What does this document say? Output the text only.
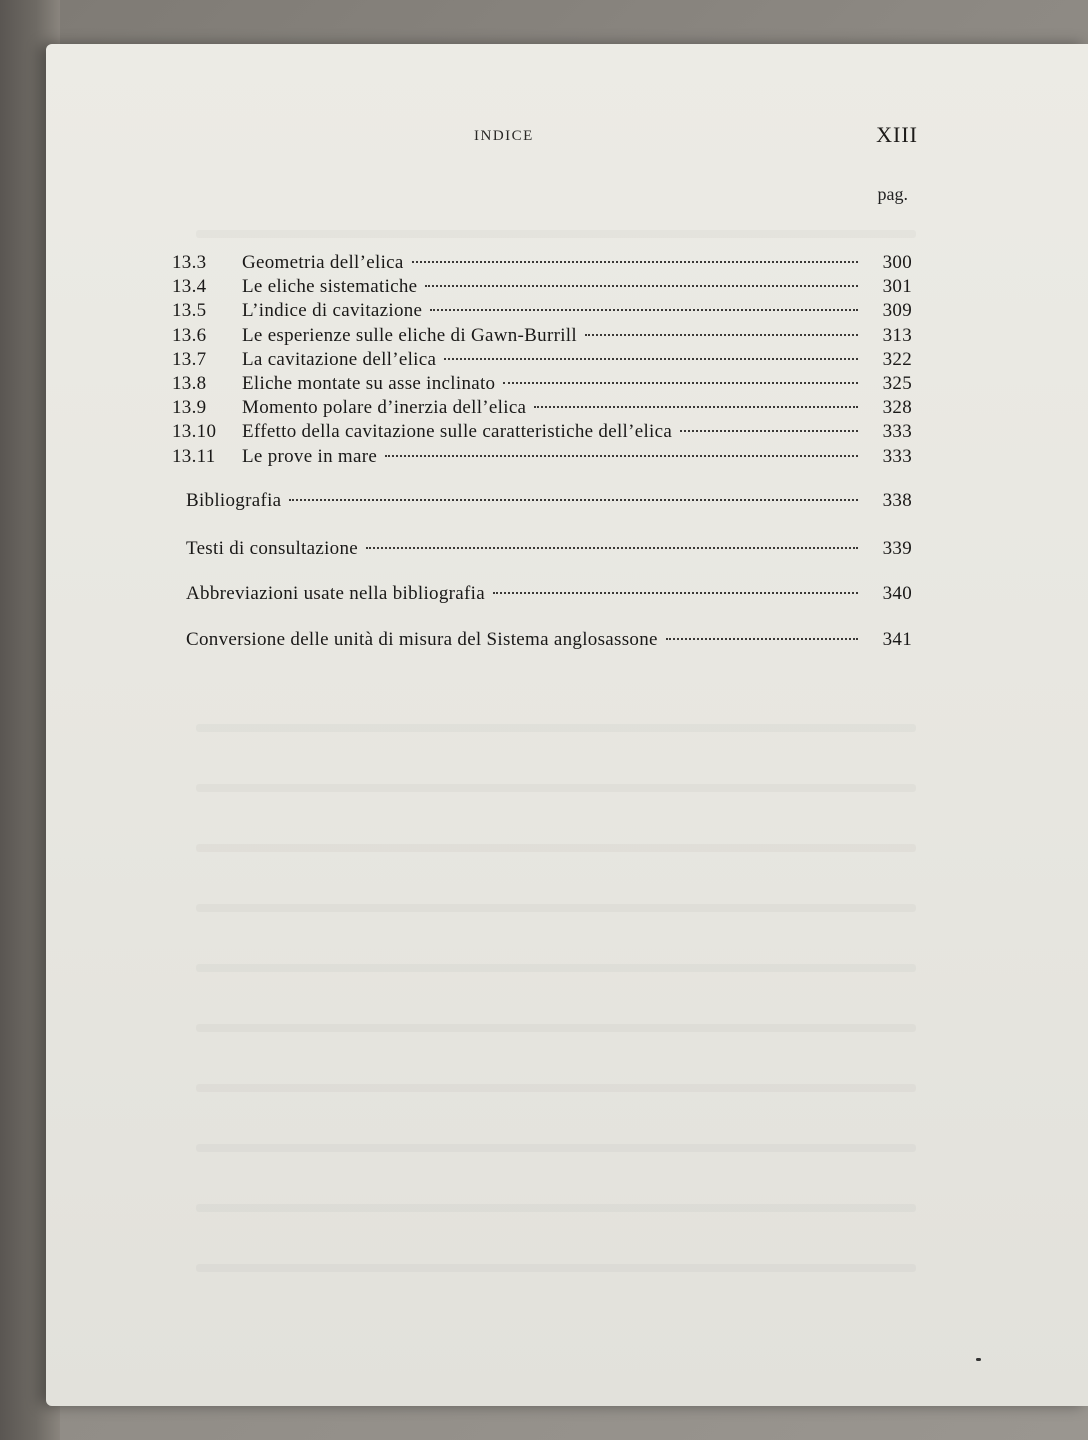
INDICE	XIII
pag.
13.3	Geometria dell’elica	300
13.4	Le eliche sistematiche	301
13.5	L’indice di cavitazione	309
13.6	Le esperienze sulle eliche di Gawn-Burrill	313
13.7	La cavitazione dell’elica	322
13.8	Eliche montate su asse inclinato	325
13.9	Momento polare d’inerzia dell’elica	328
13.10	Effetto della cavitazione sulle caratteristiche dell’elica	333
13.11	Le prove in mare	333
Bibliografia	338
Testi di consultazione	339
Abbreviazioni usate nella bibliografia	340
Conversione delle unità di misura del Sistema anglosassone	341
